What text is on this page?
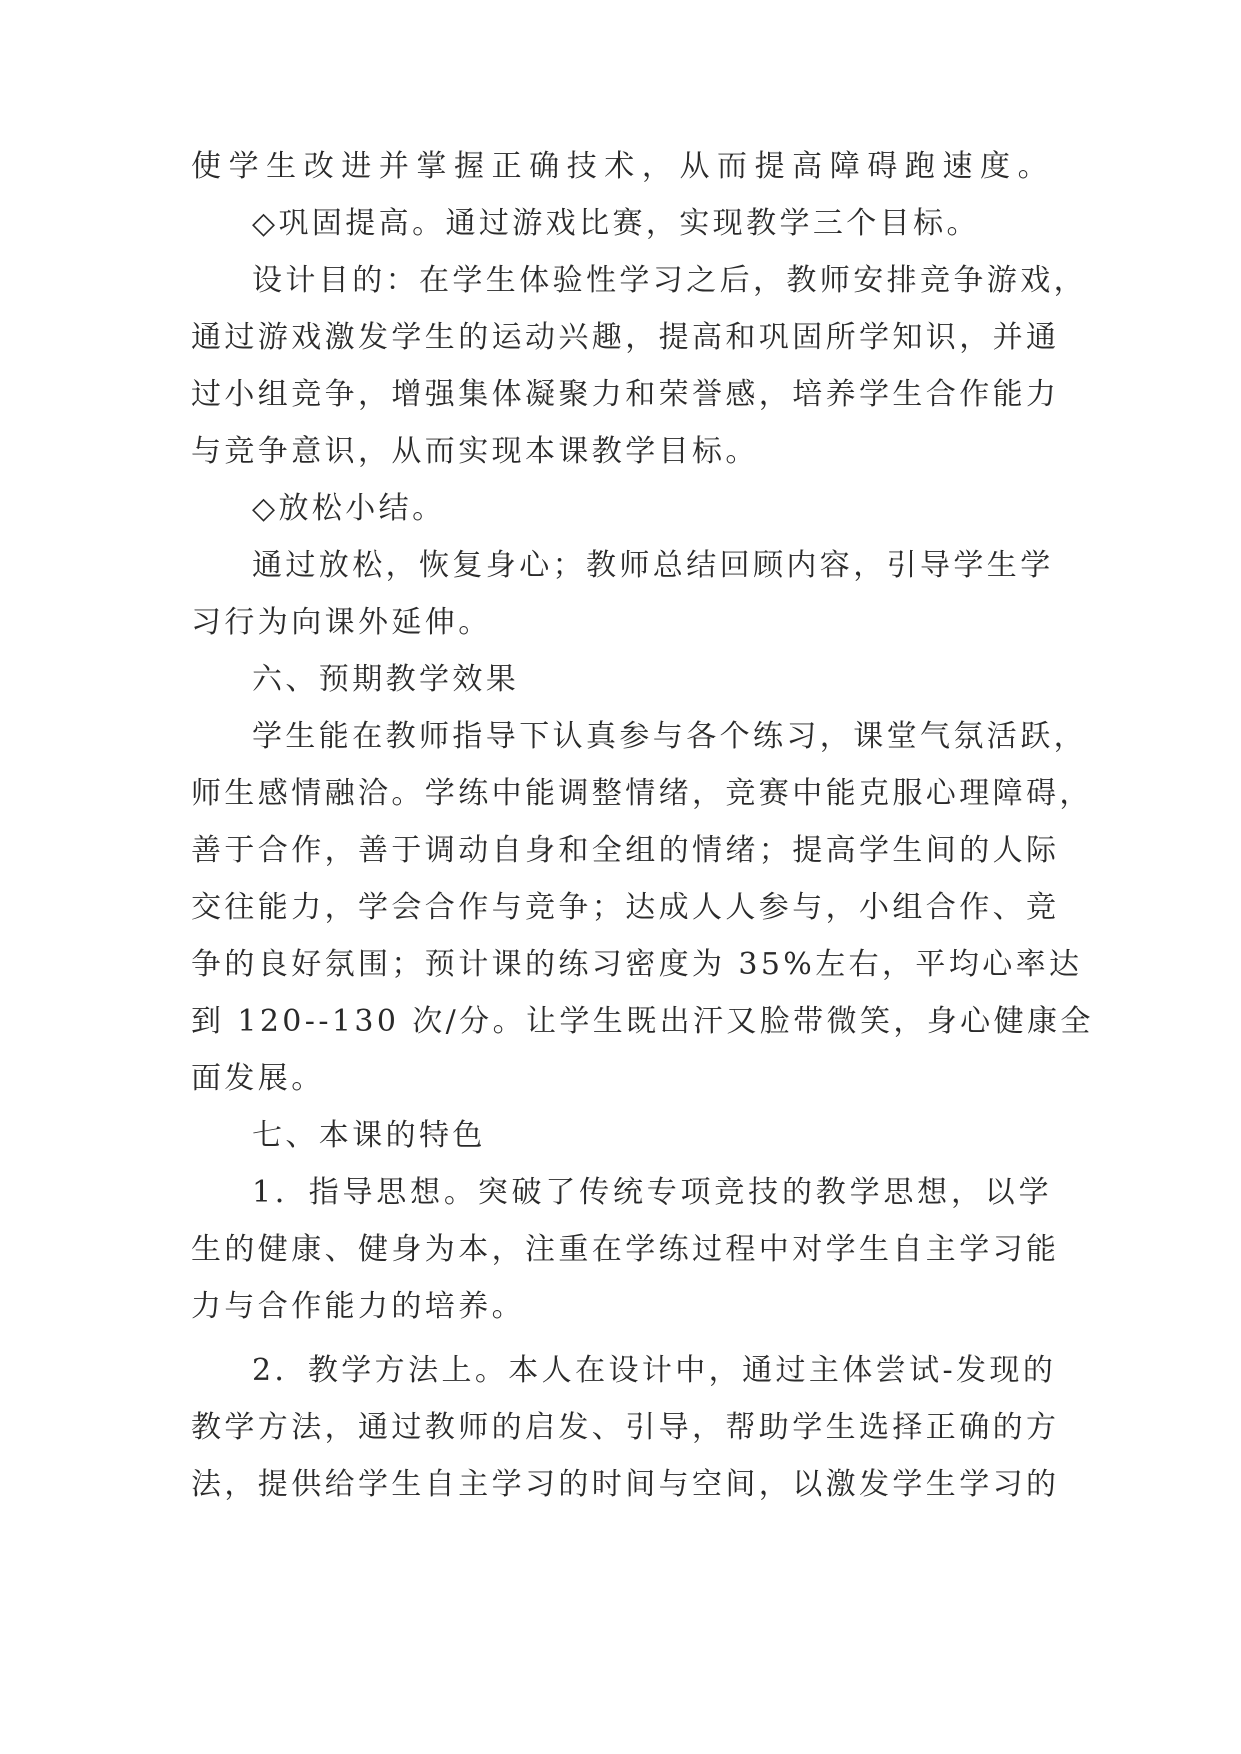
使学生改进并掌握正确技术，从而提高障碍跑速度。
◇巩固提高。通过游戏比赛，实现教学三个目标。
设计目的：在学生体验性学习之后，教师安排竞争游戏，
通过游戏激发学生的运动兴趣，提高和巩固所学知识，并通
过小组竞争，增强集体凝聚力和荣誉感，培养学生合作能力
与竞争意识，从而实现本课教学目标。
◇放松小结。
通过放松，恢复身心；教师总结回顾内容，引导学生学
习行为向课外延伸。
六、预期教学效果
学生能在教师指导下认真参与各个练习，课堂气氛活跃，
师生感情融洽。学练中能调整情绪，竞赛中能克服心理障碍，
善于合作，善于调动自身和全组的情绪；提高学生间的人际
交往能力，学会合作与竞争；达成人人参与，小组合作、竞
争的良好氛围；预计课的练习密度为 35%左右，平均心率达
到 120--130 次/分。让学生既出汗又脸带微笑，身心健康全
面发展。
七、本课的特色
1．指导思想。突破了传统专项竞技的教学思想，以学
生的健康、健身为本，注重在学练过程中对学生自主学习能
力与合作能力的培养。
2．教学方法上。本人在设计中，通过主体尝试-发现的
教学方法，通过教师的启发、引导，帮助学生选择正确的方
法，提供给学生自主学习的时间与空间，以激发学生学习的
